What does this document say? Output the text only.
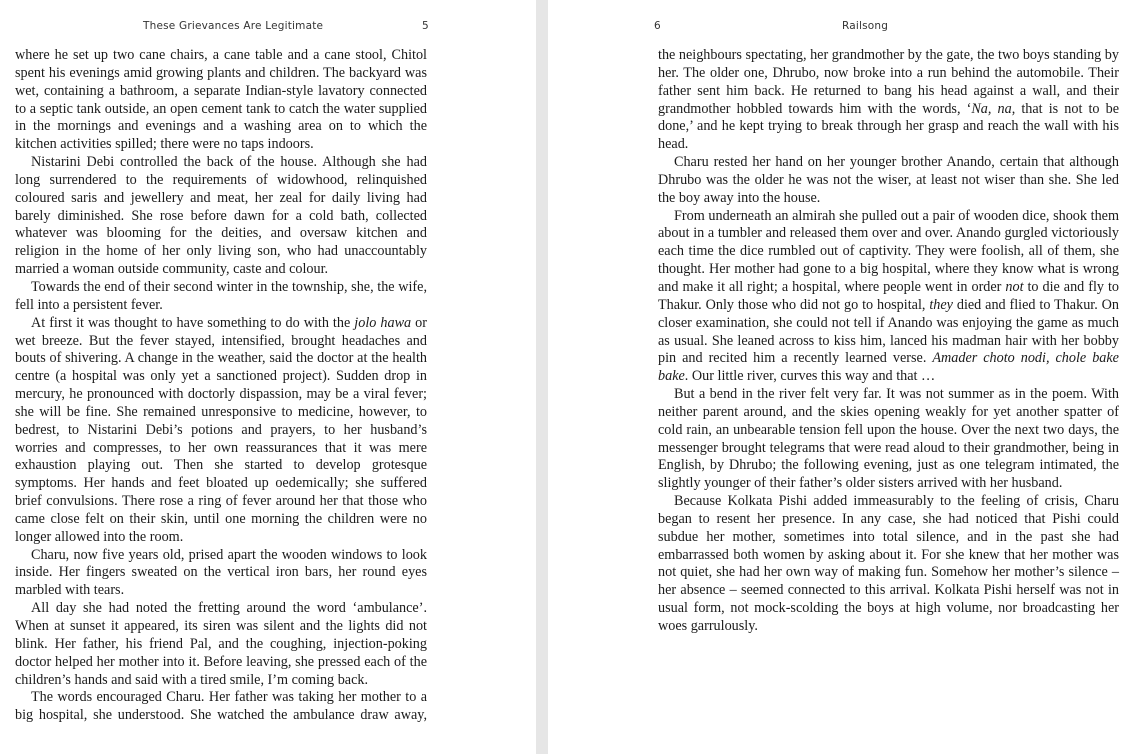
These Grievances Are Legitimate	5

where he set up two cane chairs, a cane table and a cane stool, Chitol spent his evenings amid growing plants and children. The backyard was wet, containing a bathroom, a separate Indian-style lavatory connected to a septic tank outside, an open cement tank to catch the water supplied in the mornings and evenings and a washing area on to which the kitchen activities spilled; there were no taps indoors.

Nistarini Debi controlled the back of the house. Although she had long surrendered to the requirements of widowhood, relinquished coloured saris and jewellery and meat, her zeal for daily living had barely diminished. She rose before dawn for a cold bath, collected whatever was blooming for the deities, and oversaw kitchen and religion in the home of her only living son, who had unaccountably married a woman outside community, caste and colour.

Towards the end of their second winter in the township, she, the wife, fell into a persistent fever.

At first it was thought to have something to do with the jolo hawa or wet breeze. But the fever stayed, intensified, brought headaches and bouts of shivering. A change in the weather, said the doctor at the health centre (a hospital was only yet a sanctioned project). Sudden drop in mercury, he pronounced with doctorly dispassion, may be a viral fever; she will be fine. She remained unresponsive to medicine, however, to bedrest, to Nistarini Debi’s potions and prayers, to her husband’s worries and compresses, to her own reassurances that it was mere exhaustion playing out. Then she started to develop grotesque symptoms. Her hands and feet bloated up oedemically; she suffered brief convulsions. There rose a ring of fever around her that those who came close felt on their skin, until one morning the children were no longer allowed into the room.

Charu, now five years old, prised apart the wooden windows to look inside. Her fingers sweated on the vertical iron bars, her round eyes marbled with tears.

All day she had noted the fretting around the word ‘ambulance’. When at sunset it appeared, its siren was silent and the lights did not blink. Her father, his friend Pal, and the coughing, injection-poking doctor helped her mother into it. Before leaving, she pressed each of the children’s hands and said with a tired smile, I’m coming back.

The words encouraged Charu. Her father was taking her mother to a big hospital, she understood. She watched the ambulance draw away,

6	Railsong

the neighbours spectating, her grandmother by the gate, the two boys standing by her. The older one, Dhrubo, now broke into a run behind the automobile. Their father sent him back. He returned to bang his head against a wall, and their grandmother hobbled towards him with the words, ‘Na, na, that is not to be done,’ and he kept trying to break through her grasp and reach the wall with his head.

Charu rested her hand on her younger brother Anando, certain that although Dhrubo was the older he was not the wiser, at least not wiser than she. She led the boy away into the house.

From underneath an almirah she pulled out a pair of wooden dice, shook them about in a tumbler and released them over and over. Anando gurgled victoriously each time the dice rumbled out of captivity. They were foolish, all of them, she thought. Her mother had gone to a big hospital, where they know what is wrong and make it all right; a hospital, where people went in order not to die and fly to Thakur. Only those who did not go to hospital, they died and flied to Thakur. On closer examination, she could not tell if Anando was enjoying the game as much as usual. She leaned across to kiss him, lanced his madman hair with her bobby pin and recited him a recently learned verse. Amader choto nodi, chole bake bake. Our little river, curves this way and that …

But a bend in the river felt very far. It was not summer as in the poem. With neither parent around, and the skies opening weakly for yet another spatter of cold rain, an unbearable tension fell upon the house. Over the next two days, the messenger brought telegrams that were read aloud to their grandmother, being in English, by Dhrubo; the following evening, just as one telegram intimated, the slightly younger of their father’s older sisters arrived with her husband.

Because Kolkata Pishi added immeasurably to the feeling of crisis, Charu began to resent her presence. In any case, she had noticed that Pishi could subdue her mother, sometimes into total silence, and in the past she had embarrassed both women by asking about it. For she knew that her mother was not quiet, she had her own way of making fun. Somehow her mother’s silence – her absence – seemed connected to this arrival. Kolkata Pishi herself was not in usual form, not mock-scolding the boys at high volume, nor broadcasting her woes garrulously.
